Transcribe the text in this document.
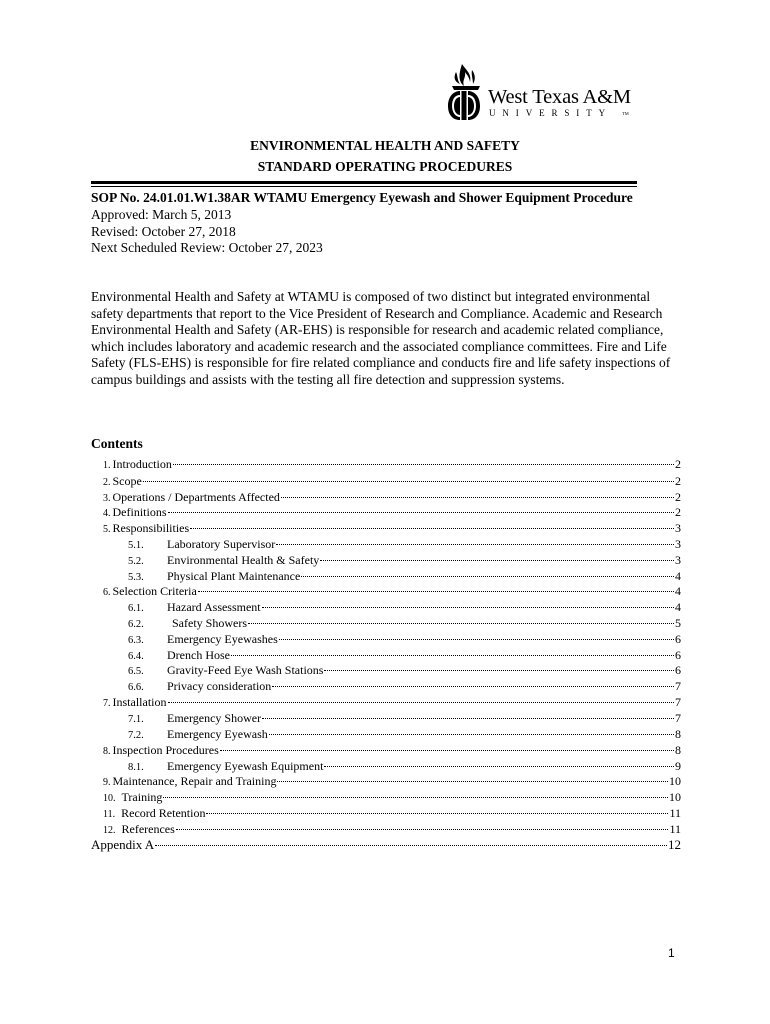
West Texas A&M
UNIVERSITY TM
ENVIRONMENTAL HEALTH AND SAFETY
STANDARD OPERATING PROCEDURES
SOP No. 24.01.01.W1.38AR WTAMU Emergency Eyewash and Shower Equipment Procedure
Approved: March 5, 2013
Revised: October 27, 2018
Next Scheduled Review: October 27, 2023
Environmental Health and Safety at WTAMU is composed of two distinct but integrated environmental safety departments that report to the Vice President of Research and Compliance. Academic and Research Environmental Health and Safety (AR-EHS) is responsible for research and academic related compliance, which includes laboratory and academic research and the associated compliance committees. Fire and Life Safety (FLS-EHS) is responsible for fire related compliance and conducts fire and life safety inspections of campus buildings and assists with the testing all fire detection and suppression systems.
Contents
1. Introduction	2
2. Scope	2
3. Operations / Departments Affected	2
4. Definitions	2
5. Responsibilities	3
5.1.	Laboratory Supervisor	3
5.2.	Environmental Health & Safety	3
5.3.	Physical Plant Maintenance	4
6. Selection Criteria	4
6.1.	Hazard Assessment	4
6.2.	Safety Showers	5
6.3.	Emergency Eyewashes	6
6.4.	Drench Hose	6
6.5.	Gravity-Feed Eye Wash Stations	6
6.6.	Privacy consideration	7
7. Installation	7
7.1.	Emergency Shower	7
7.2.	Emergency Eyewash	8
8. Inspection Procedures	8
8.1.	Emergency Eyewash Equipment	9
9. Maintenance, Repair and Training	10
10. Training	10
11. Record Retention	11
12. References	11
Appendix A	12
1
